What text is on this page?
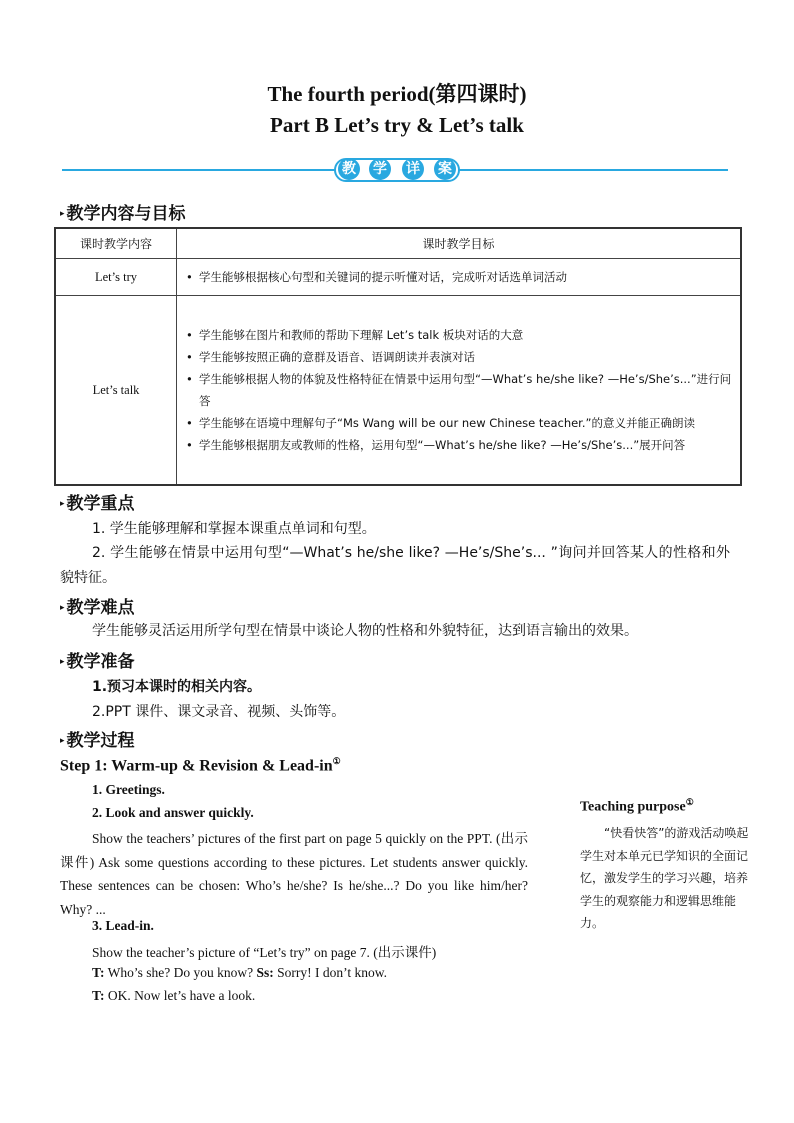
The fourth period(第四课时)
Part B Let’s try & Let’s talk
教 学 详 案
▸ 教学内容与目标
课时教学内容	课时教学目标
Let’s try	• 学生能够根据核心句型和关键词的提示听懂对话，完成听对话选单词活动

Let’s talk	• 学生能够在图片和教师的帮助下理解 Let’s talk 板块对话的大意
• 学生能够按照正确的意群及语音、语调朗读并表演对话
• 学生能够根据人物的体貌及性格特征在情景中运用句型“—What’s he/she like? —He’s/She’s...”进行问答
• 学生能够在语境中理解句子“Ms Wang will be our new Chinese teacher.”的意义并能正确朗读
• 学生能够根据朋友或教师的性格，运用句型“—What’s he/she like? —He’s/She’s...”展开问答
▸ 教学重点
1. 学生能够理解和掌握本课重点单词和句型。
2. 学生能够在情景中运用句型“—What’s he/she like? —He’s/She’s... ”询问并回答某人的性格和外貌特征。
▸ 教学难点
学生能够灵活运用所学句型在情景中谈论人物的性格和外貌特征，达到语言输出的效果。
▸ 教学准备
1.预习本课时的相关内容。
2.PPT 课件、课文录音、视频、头饰等。
▸ 教学过程
Step 1: Warm-up & Revision & Lead-in①
1. Greetings.
2. Look and answer quickly.
Show the teachers’ pictures of the first part on page 5 quickly on the PPT. (出示课件) Ask some questions according to these pictures. Let students answer quickly. These sentences can be chosen: Who’s he/she? Is he/she...? Do you like him/her? Why? ...
3. Lead-in.
Show the teacher’s picture of “Let’s try” on page 7. (出示课件)
T: Who’s she? Do you know? Ss: Sorry! I don’t know.
T: OK. Now let’s have a look.
Teaching purpose①
“快看快答”的游戏活动唤起学生对本单元已学知识的全面记忆，激发学生的学习兴趣，培养学生的观察能力和逻辑思维能力。
